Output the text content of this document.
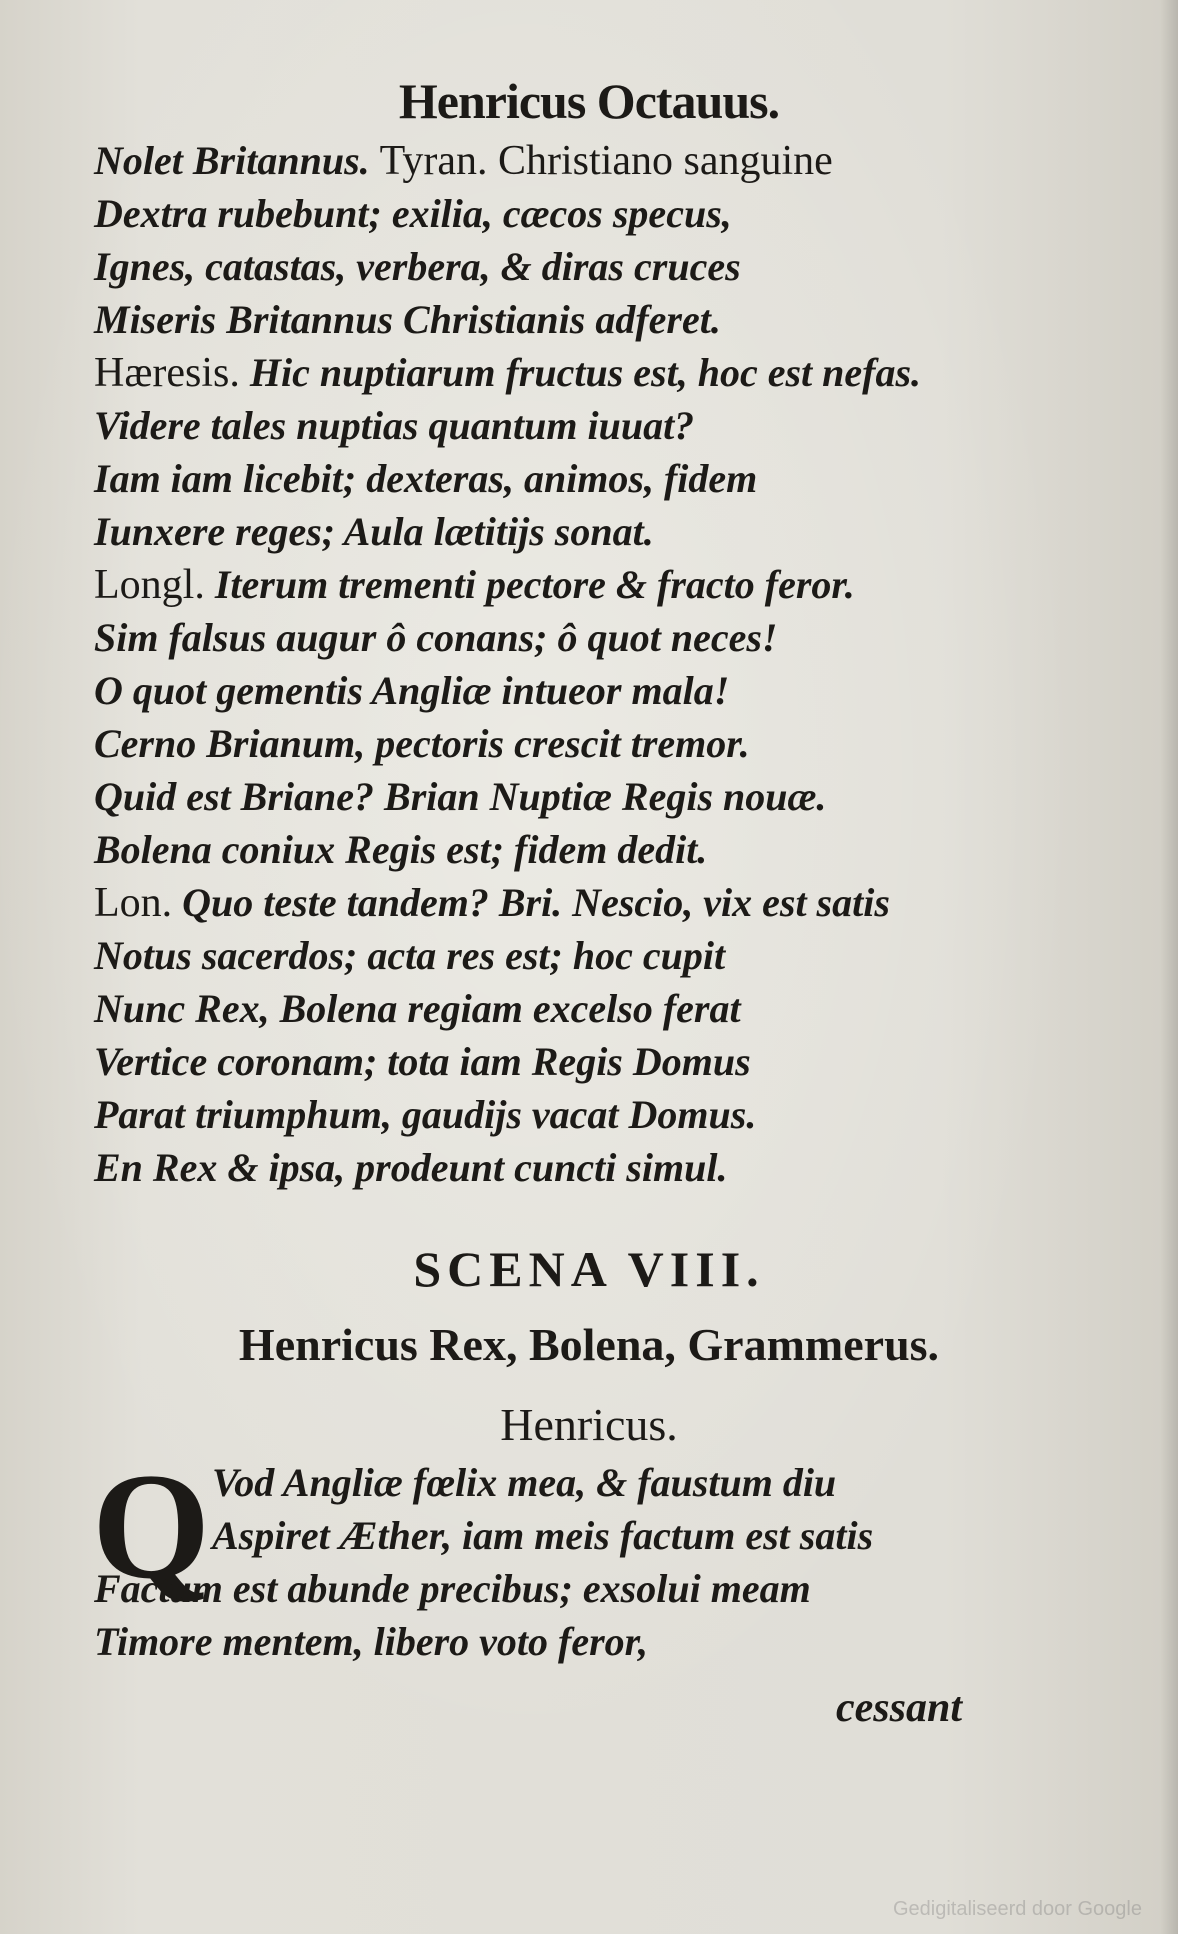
Henricus Octauus.
Nolet Britannus. Tyran. Christiano sanguine
Dextra rubebunt; exilia, cæcos specus,
Ignes, catastas, verbera, & diras cruces
Miseris Britannus Christianis adferet.
Hæresis. Hic nuptiarum fructus est, hoc est nefas.
Videre tales nuptias quantum iuuat?
Iam iam licebit; dexteras, animos, fidem
Iunxere reges; Aula lætitijs sonat.
Longl. Iterum trementi pectore & fracto feror.
Sim falsus augur ô conans; ô quot neces!
O quot gementis Angliæ intueor mala!
Cerno Brianum, pectoris crescit tremor.
Quid est Briane? Brian Nuptiæ Regis nouæ.
Bolena coniux Regis est; fidem dedit.
Lon. Quo teste tandem? Bri. Nescio, vix est satis
Notus sacerdos; acta res est; hoc cupit
Nunc Rex, Bolena regiam excelso ferat
Vertice coronam; tota iam Regis Domus
Parat triumphum, gaudijs vacat Domus.
En Rex & ipsa, prodeunt cuncti simul.
SCENA VIII.
Henricus Rex, Bolena, Grammerus.
Henricus.
Q Vod Angliæ fœlix mea, & faustum diu
Aspiret Æther, iam meis factum est satis
Factum est abunde precibus; exsolui meam
Timore mentem, libero voto feror,
cessant
Gedigitaliseerd door Google
